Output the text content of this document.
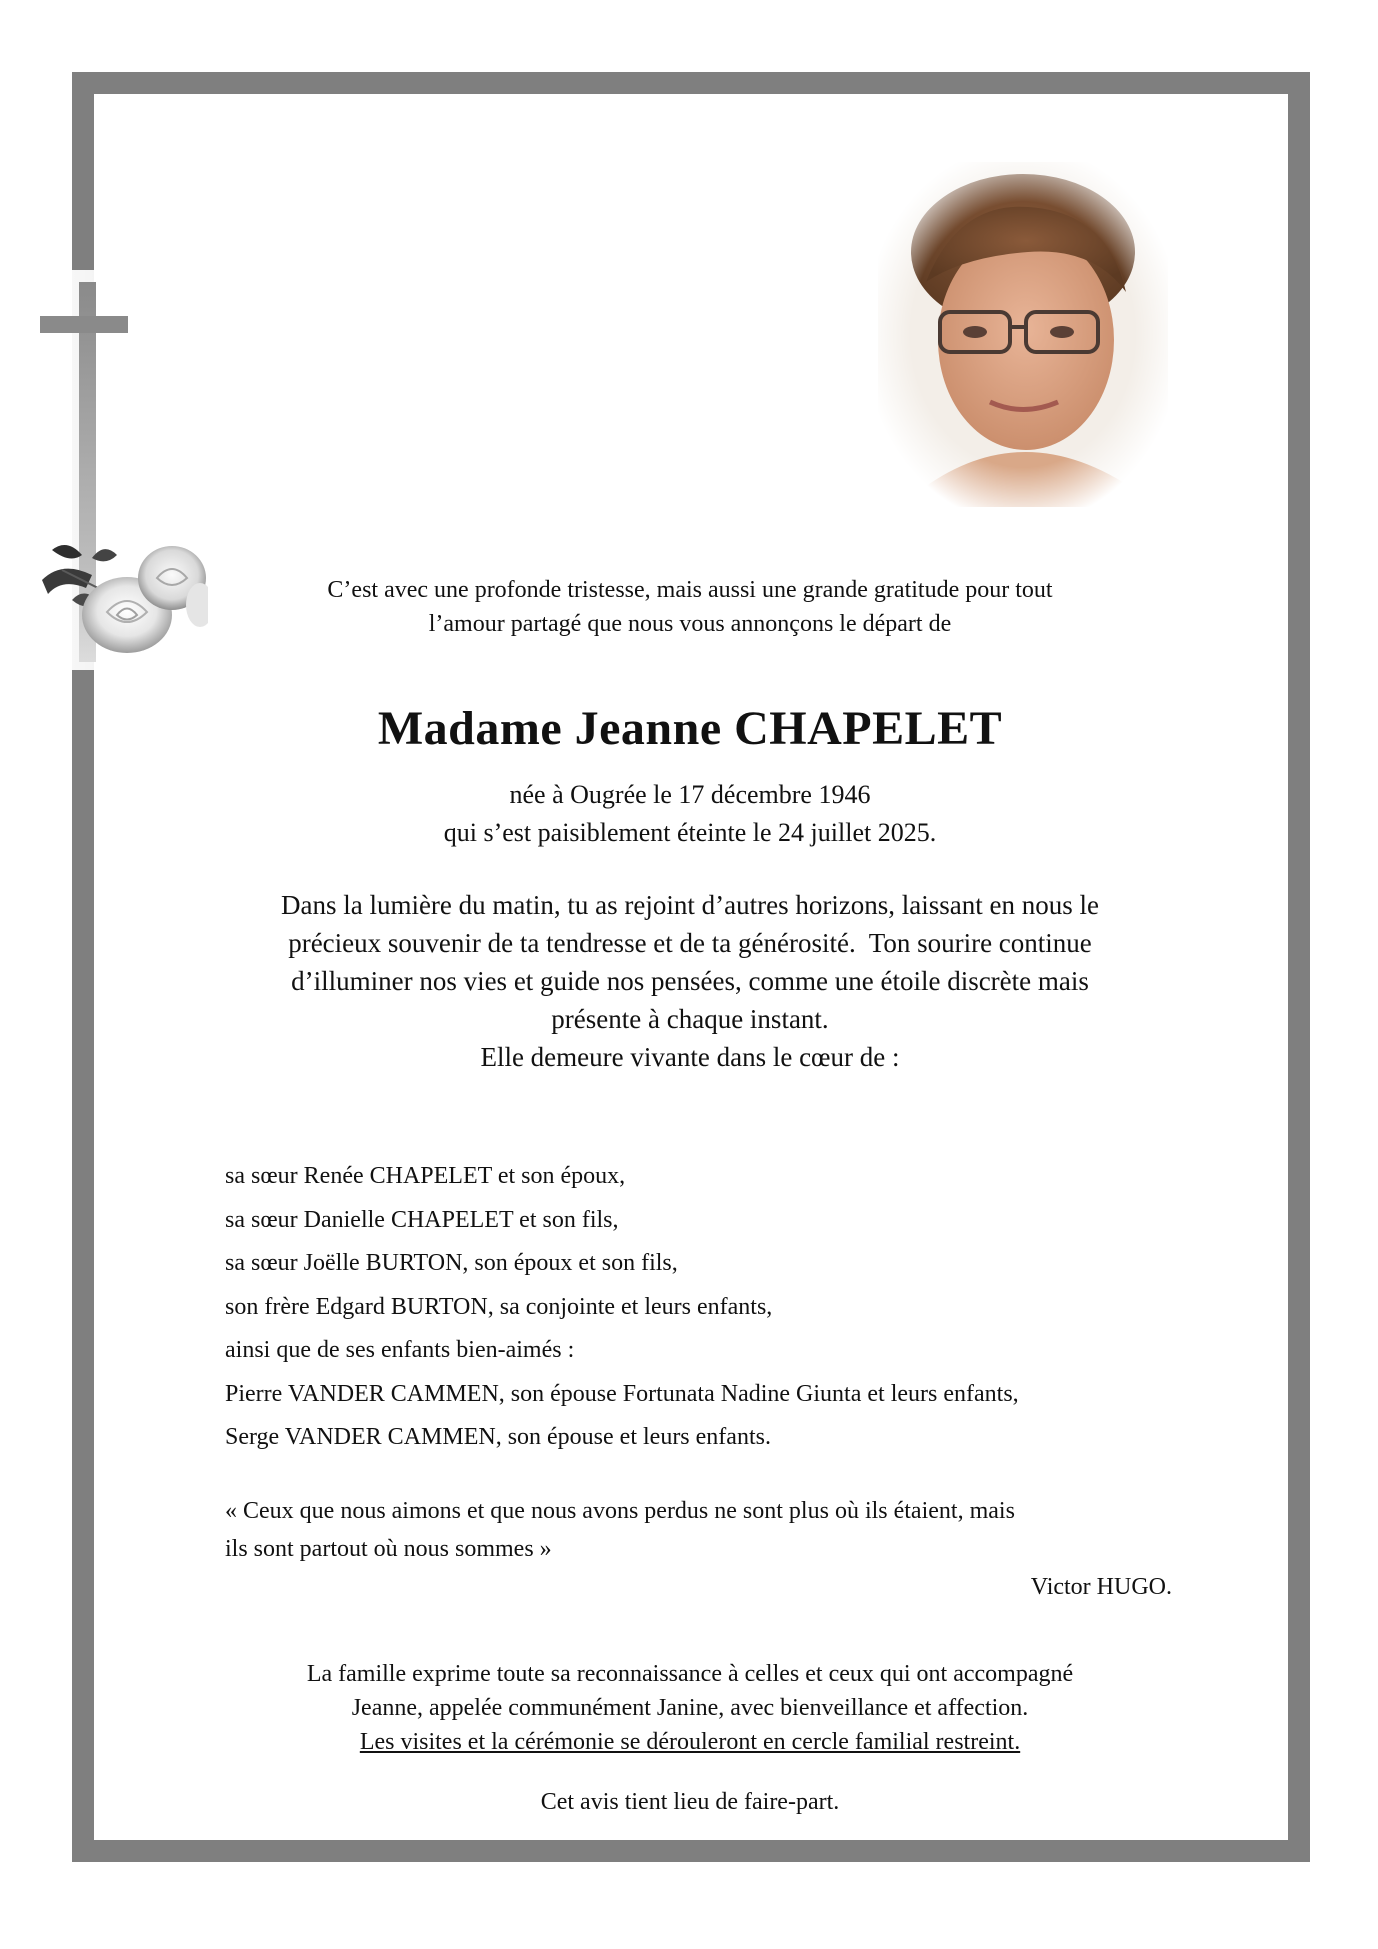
C’est avec une profonde tristesse, mais aussi une grande gratitude pour tout
l’amour partagé que nous vous annonçons le départ de
Madame Jeanne CHAPELET
née à Ougrée le 17 décembre 1946
qui s’est paisiblement éteinte le 24 juillet 2025.
Dans la lumière du matin, tu as rejoint d’autres horizons, laissant en nous le
précieux souvenir de ta tendresse et de ta générosité.  Ton sourire continue
d’illuminer nos vies et guide nos pensées, comme une étoile discrète mais
présente à chaque instant.
Elle demeure vivante dans le cœur de :
sa sœur Renée CHAPELET et son époux,
sa sœur Danielle CHAPELET et son fils,
sa sœur Joëlle BURTON, son époux et son fils,
son frère Edgard BURTON, sa conjointe et leurs enfants,
ainsi que de ses enfants bien-aimés :
Pierre VANDER CAMMEN, son épouse Fortunata Nadine Giunta et leurs enfants,
Serge VANDER CAMMEN, son épouse et leurs enfants.
« Ceux que nous aimons et que nous avons perdus ne sont plus où ils étaient, mais
ils sont partout où nous sommes »
Victor HUGO.
La famille exprime toute sa reconnaissance à celles et ceux qui ont accompagné
Jeanne, appelée communément Janine, avec bienveillance et affection.
Les visites et la cérémonie se dérouleront en cercle familial restreint.
Cet avis tient lieu de faire-part.
